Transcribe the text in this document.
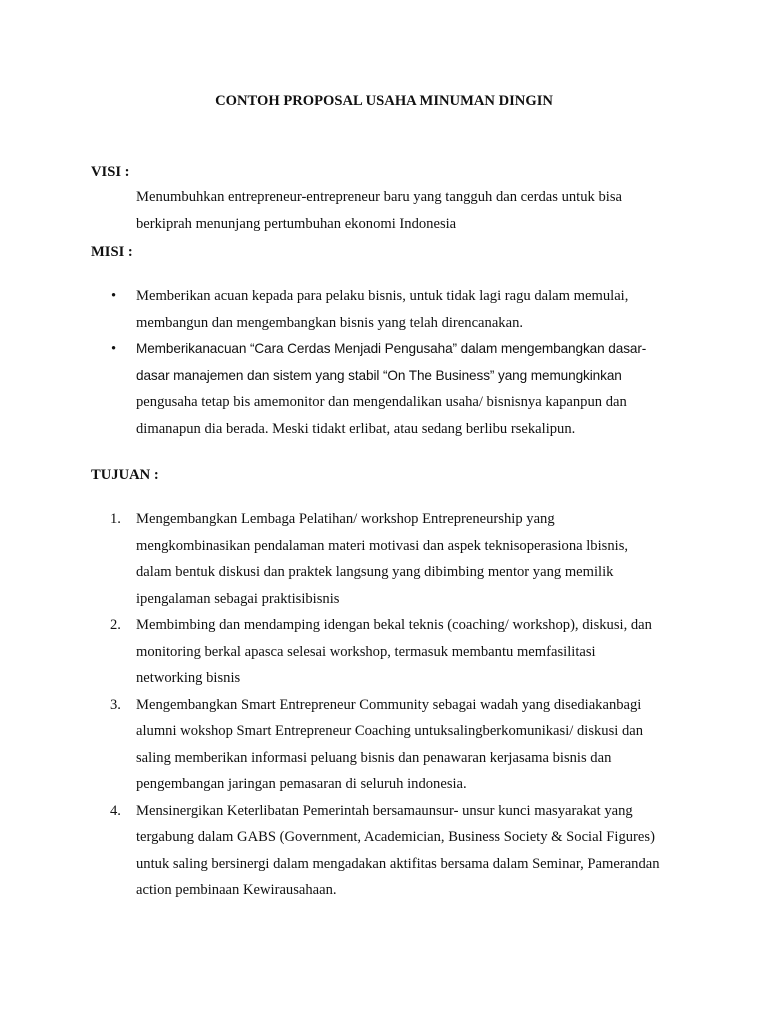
CONTOH PROPOSAL USAHA MINUMAN DINGIN

VISI :

Menumbuhkan entrepreneur-entrepreneur baru yang tangguh dan cerdas untuk bisa
berkiprah menunjang pertumbuhan ekonomi Indonesia

MISI :

• Memberikan acuan kepada para pelaku bisnis, untuk tidak lagi ragu dalam memulai,
membangun dan mengembangkan bisnis yang telah direncanakan.
• Memberikanacuan “Cara Cerdas Menjadi Pengusaha” dalam mengembangkan dasar-
dasar manajemen dan sistem yang stabil “On The Business” yang memungkinkan
pengusaha tetap bis amemonitor dan mengendalikan usaha/ bisnisnya kapanpun dan
dimanapun dia berada. Meski tidakt erlibat, atau sedang berlibu rsekalipun.

TUJUAN :

1. Mengembangkan Lembaga Pelatihan/ workshop Entrepreneurship yang
mengkombinasikan pendalaman materi motivasi dan aspek teknisoperasiona lbisnis,
dalam bentuk diskusi dan praktek langsung yang dibimbing mentor yang memilik
ipengalaman sebagai praktisibisnis
2. Membimbing dan mendamping idengan bekal teknis (coaching/ workshop), diskusi, dan
monitoring berkal apasca selesai workshop, termasuk membantu memfasilitasi
networking bisnis
3. Mengembangkan Smart Entrepreneur Community sebagai wadah yang disediakanbagi
alumni wokshop Smart Entrepreneur Coaching untuksalingberkomunikasi/ diskusi dan
saling memberikan informasi peluang bisnis dan penawaran kerjasama bisnis dan
pengembangan jaringan pemasaran di seluruh indonesia.
4. Mensinergikan Keterlibatan Pemerintah bersamaunsur- unsur kunci masyarakat yang
tergabung dalam GABS (Government, Academician, Business Society & Social Figures)
untuk saling bersinergi dalam mengadakan aktifitas bersama dalam Seminar, Pamerandan
action pembinaan Kewirausahaan.
